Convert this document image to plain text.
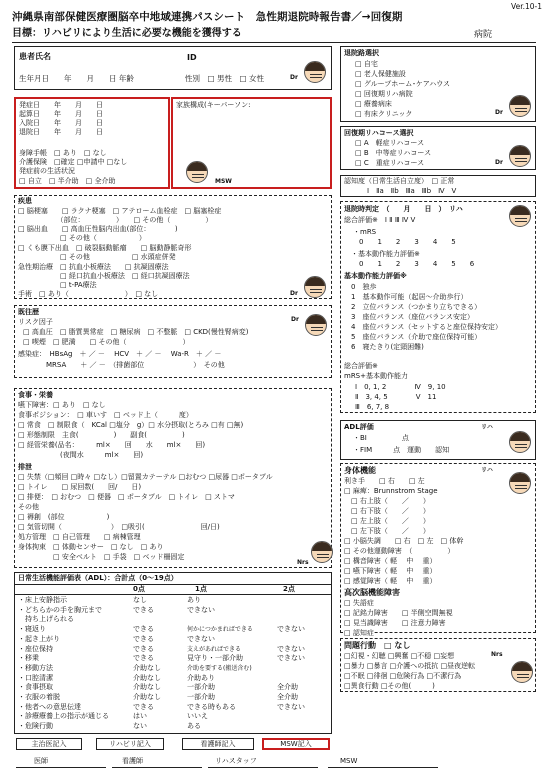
Ver.10-1
沖縄県南部保健医療圏脳卒中地域連携パスシート　急性期退院時報告書／→回復期
目標：リハビリにより生活に必要な機能を獲得する	病院
患者氏名	ID
生年月日　　年　　月　　日 年齢	性別　□ 男性　□ 女性	Dr
退院路選択
□ 自宅
□ 老人保健施設
□ グループホーム･ケアハウス
□ 回復期リハ病院
□ 療養病床
□ 有床クリニック	Dr
発症日　　年　　月　　日
起算日　　年　　月　　日
入院日　　年　　月　　日
退院日　　年　　月　　日
身障手帳　□ あり　□ なし
介護保険　□確定 □申請中 □なし
発症前の生活状況
□ 自立　□ 半介助　□ 全介助
家族構成(キーパーソン:
MSW
回復期リハコース選択
□ A　軽症リハコース
□ B　中等症リハコース
□ C　重症リハコース	Dr
認知度（日常生活自立度）　□ 正常
Ⅰ　Ⅱa　Ⅱb　Ⅲa　Ⅲb　Ⅳ　Ⅴ
疾患
□ 脳梗塞　　□ ラクナ梗塞　□ アテローム血栓症　□ 脳塞栓症
　　　　　　（部位：　　　　　）　　□ その他（　　　　　）
□ 脳出血　　□ 高血圧性脳内出血(部位：　　　　)
　　　　　　□ その他（　　　　　　）
□ くも膜下出血　□ 破裂脳動脈瘤　　□ 脳動静脈奇形
　　　　　　□ その他　　　　　　□ 水頭症併発
急性期治療　□ 抗血小板療法　　□ 抗凝固療法
　　　　　　□ 経口抗血小板療法　□ 経口抗凝固療法
　　　　　　□ t-PA療法
手術　□ あり（　　　　　　　　）　□ なし	Dr
退院時判定　（　　月　　日　）　リハ
総合評価※　Ⅰ Ⅱ Ⅲ Ⅳ Ⅴ
・mRS
0　　1　　2　　3　　4　　5
・基本動作能力評価※
0　　1　　2　　3　　4　　5　　6
基本動作能力評価※
0　独歩
1　基本動作可能（起居～介助歩行）
2　立位バランス（つかまり立ちできる）
3　座位バランス（座位バランス安定）
4　座位バランス（セットすると座位保持安定）
5　座位バランス（介助で座位保持可能）
6　寝たきり(定頸困難)
総合評価※
mRS+基本動作能力
Ⅰ　0, 1, 2　　　　Ⅳ　9, 10
Ⅱ　3, 4, 5　　　　Ⅴ　11
Ⅲ　6, 7, 8
既往歴
リスク因子
□ 高血圧　□ 脂質異常症　□ 糖尿病　□ 不整脈　□ CKD(慢性腎病変)
□ 喫煙　□ 肥満　　□ その他（　　　　　　　　）
感染症：　HBsAg　＋ ／ －　 HCV　＋ ／ －　 Wa-R　＋ ／ －
　　　　MRSA　　＋ ／ －　（排菌部位　　　　　　　）　その他
Dr
食事・栄養
嚥下障害：□ あり　□ なし
食事ポジション：　□ 車いす　□ ベッド上（　　　度）
□ 常食　□ 制限食（　KCal □塩分　g）□ 水分摂取(とろみ □有 □無)
□ 形態制限　主食(　　　　　)　　副食(　　　　　)
□ 経管栄養(品名：　　　ml×　　回　　水　　ml×　　回)
　　　　　　(夜間水　　　ml×　　回)
排泄
□ 失禁（□頻回 □時々 □なし）□留置カテーテル □おむつ □尿器 □ポータブル
□ トイレ　　□ 尿回数(　　回/　　日)
□ 排便：　□ おむつ　□ 便器　□ ポータブル　□ トイレ　□ ストマ
その他
□ 褥創　(部位　　　　　　)
□ 気管切開（　　　　　　　）　□吸引(　　　　　　　　回/日)
処方管理　□ 自己管理　　□ 病棟管理
身体拘束　□ 体動センサー　□ なし　□ あり
　　　　　□ 安全ベルト　□ 手袋　□ ベッド柵固定
Nrs
日常生活機能評価表（ADL）：合計点（0～19点）
0点	1点	2点
・床上安静指示	なし	あり
・どちらかの手を胸元まで	できる	できない
　持ち上げられる
・寝返り	できる	何かにつかまればできる	できない
・起き上がり	できる	できない
・座位保持	できる	支えがあればできる	できない
・移乗	できる	見守り・一部介助	できない
・移動方法	介助なし	介助を要する(搬送含む)
・口腔清潔	介助なし	介助あり
・食事摂取	介助なし	一部介助	全介助
・衣服の着脱	介助なし	一部介助	全介助
・他者への意思伝達	できる	できる時もある	できない
・診療療養上の指示が通じる	はい	いいえ
・危険行動	ない	ある
ADL評価	リハ
・BI　　　　　点
・FIM　　　点　運動　　認知
身体機能	リハ
利き手　　□ 右　　□ 左
□ 麻痺：Brunnstrom Stage
　□ 右上肢（　　／　　）
　□ 右下肢（　　／　　）
　□ 左上肢（　　／　　）
　□ 左下肢（　　／　　）
□ 小脳失調　　□ 右　□ 左　□ 体幹
□ その他運動障害　（　　　　　）
□ 構音障害（ 軽　 中　 重）
□ 嚥下障害（ 軽　 中　 重）
□ 感覚障害（ 軽　 中　 重）
高次脳機能障害
□ 失語症
□ 記銘力障害　　□ 半側空間無視
□ 見当識障害　　□ 注意力障害
□ 認知症
問題行動　□ なし
□幻視・幻聴 □興奮 □不穏 □妄想
□暴力 □暴言 □介護への抵抗 □昼夜逆転
□不眠 □徘徊 □危険行為 □不潔行為
□異食行動 □その他(　　　)
Nrs
主治医記入	リハビリ記入	看護師記入	MSW記入
医師	看護師	リハスタッフ	MSW
